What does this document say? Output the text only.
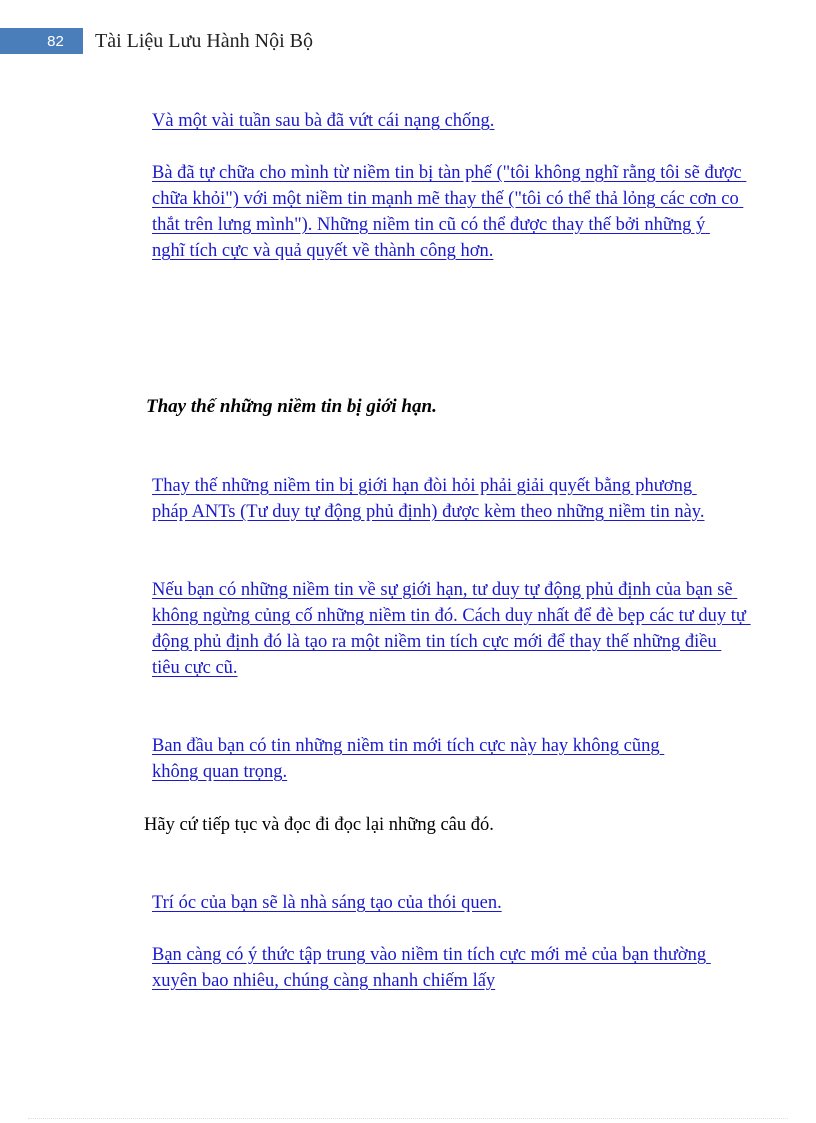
82	Tài Liệu Lưu Hành Nội Bộ
Và một vài tuần sau bà đã vứt cái nạng chống.
Bà đã tự chữa cho mình từ niềm tin bị tàn phế ("tôi không nghĩ rằng tôi sẽ được chữa khỏi") với một niềm tin mạnh mẽ thay thế ("tôi có thể thả lỏng các cơn co thắt trên lưng mình"). Những niềm tin cũ có thể được thay thế bởi những ý nghĩ tích cực và quả quyết về thành công hơn.
Thay thế những niềm tin bị giới hạn.
Thay thế những niềm tin bị giới hạn đòi hỏi phải giải quyết bằng phương pháp ANTs (Tư duy tự động phủ định) được kèm theo những niềm tin này.
Nếu bạn có những niềm tin về sự giới hạn, tư duy tự động phủ định của bạn sẽ không ngừng củng cố những niềm tin đó. Cách duy nhất để đè bẹp các tư duy tự động phủ định đó là tạo ra một niềm tin tích cực mới để thay thế những điều tiêu cực cũ.
Ban đầu bạn có tin những niềm tin mới tích cực này hay không cũng không quan trọng.
Hãy cứ tiếp tục và đọc đi đọc lại những câu đó.
Trí óc của bạn sẽ là nhà sáng tạo của thói quen.
Bạn càng có ý thức tập trung vào niềm tin tích cực mới mẻ của bạn thường xuyên bao nhiêu, chúng càng nhanh chiếm lấy
